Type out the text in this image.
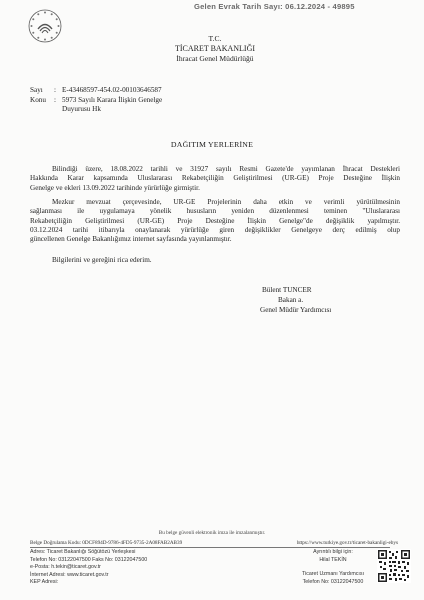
Gelen Evrak Tarih Sayı: 06.12.2024 - 49895
T.C.
TİCARET BAKANLIĞI
İhracat Genel Müdürlüğü
Sayı	: E-43468597-454.02-00103646587
Konu	: 5973 Sayılı Karara İlişkin Genelge
Duyurusu Hk
DAĞITIM YERLERİNE
Bilindiği üzere, 18.08.2022 tarihli ve 31927 sayılı Resmi Gazete'de yayımlanan İhracat Destekleri
Hakkında Karar kapsamında Uluslararası Rekabetçiliğin Geliştirilmesi (UR-GE) Proje Desteğine İlişkin
Genelge ve ekleri 13.09.2022 tarihinde yürürlüğe girmiştir.
Mezkur mevzuat çerçevesinde, UR-GE Projelerinin daha etkin ve verimli yürütülmesinin
sağlanması ile uygulamaya yönelik hususların yeniden düzenlenmesi teminen "Uluslararası
Rekabetçiliğin Geliştirilmesi (UR-GE) Proje Desteğine İlişkin Genelge"de değişiklik yapılmıştır.
03.12.2024 tarihi itibarıyla onaylanarak yürürlüğe giren değişiklikler Genelgeye derç edilmiş olup
güncellenen Genelge Bakanlığımız internet sayfasında yayınlanmıştır.
Bilgilerini ve gereğini rica ederim.
Bülent TUNCER
Bakan a.
Genel Müdür Yardımcısı
Bu belge güvenli elektronik imza ile imzalanmıştır.
Belge Doğrulama Kodu: 0DCF894D-9786-4FD5-9735-2A08FAB2AB39	https://www.turkiye.gov.tr/ticaret-bakanligi-ebys
Adres: Ticaret Bakanlığı Söğütözü Yerleşkesi
Telefon No: 03122047500 Faks No: 03122047500
e-Posta: h.tekin@ticaret.gov.tr
İnternet Adresi: www.ticaret.gov.tr
KEP Adresi:
Ayrıntılı bilgi için:
Hilal TEKİN
Ticaret Uzmanı Yardımcısı
Telefon No: 03122047500
